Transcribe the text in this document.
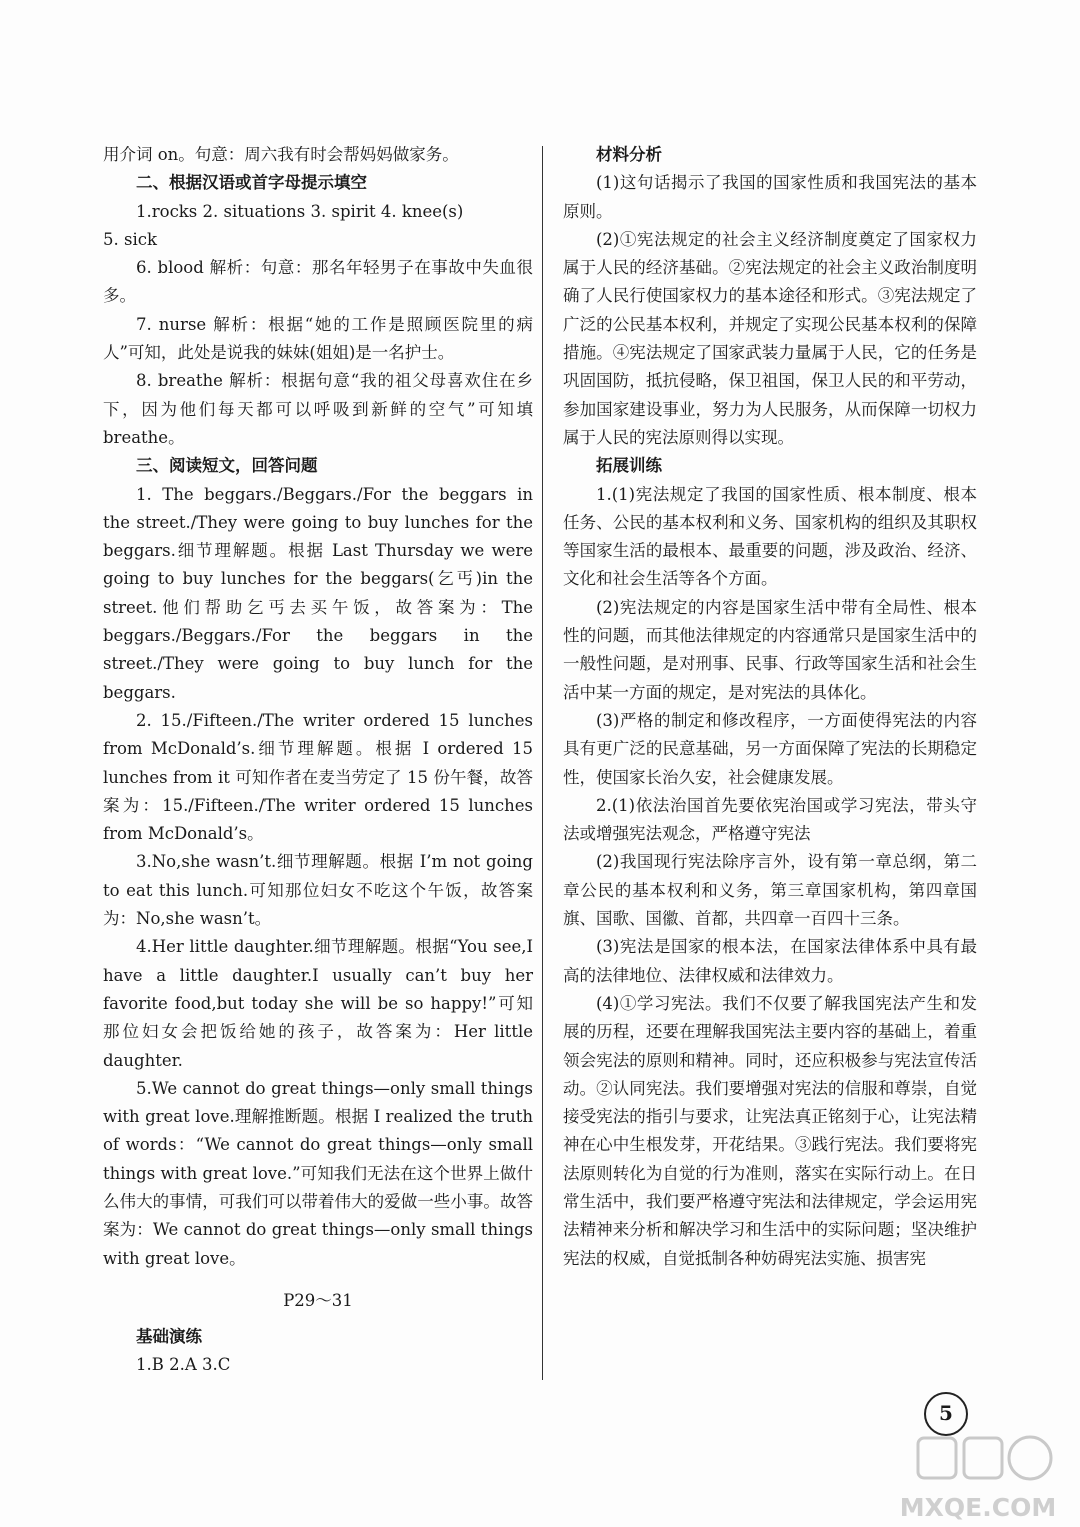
用介词 on。句意：周六我有时会帮妈妈做家务。

二、根据汉语或首字母提示填空

1.rocks 2. situations 3. spirit 4. knee(s)

5. sick

6. blood 解析：句意：那名年轻男子在事故中失血很多。

7. nurse 解析：根据“她的工作是照顾医院里的病人”可知，此处是说我的妹妹(姐姐)是一名护士。

8. breathe 解析：根据句意“我的祖父母喜欢住在乡下，因为他们每天都可以呼吸到新鲜的空气”可知填 breathe。

三、阅读短文，回答问题

1. The beggars./Beggars./For the beggars in the street./They were going to buy lunches for the beggars.细节理解题。根据 Last Thursday we were going to buy lunches for the beggars(乞丐)in the street.他们帮助乞丐去买午饭，故答案为：The beggars./Beggars./For the beggars in the street./They were going to buy lunch for the beggars.

2. 15./Fifteen./The writer ordered 15 lunches from McDonald’s.细节理解题。根据 I ordered 15 lunches from it 可知作者在麦当劳定了 15 份午餐，故答案为：15./Fifteen./The writer ordered 15 lunches from McDonald’s。

3.No,she wasn’t.细节理解题。根据 I’m not going to eat this lunch.可知那位妇女不吃这个午饭，故答案为：No,she wasn’t。

4.Her little daughter.细节理解题。根据“You see,I have a little daughter.I usually can’t buy her favorite food,but today she will be so happy!”可知那位妇女会把饭给她的孩子，故答案为：Her little daughter.

5.We cannot do great things—only small things with great love.理解推断题。根据 I realized the truth of words：“We cannot do great things—only small things with great love.”可知我们无法在这个世界上做什么伟大的事情，可我们可以带着伟大的爱做一些小事。故答案为：We cannot do great things—only small things with great love。

P29～31

基础演练

1.B 2.A 3.C

材料分析

(1)这句话揭示了我国的国家性质和我国宪法的基本原则。

(2)①宪法规定的社会主义经济制度奠定了国家权力属于人民的经济基础。②宪法规定的社会主义政治制度明确了人民行使国家权力的基本途径和形式。③宪法规定了广泛的公民基本权利，并规定了实现公民基本权利的保障措施。④宪法规定了国家武装力量属于人民，它的任务是巩固国防，抵抗侵略，保卫祖国，保卫人民的和平劳动，参加国家建设事业，努力为人民服务，从而保障一切权力属于人民的宪法原则得以实现。

拓展训练

1.(1)宪法规定了我国的国家性质、根本制度、根本任务、公民的基本权利和义务、国家机构的组织及其职权等国家生活的最根本、最重要的问题，涉及政治、经济、文化和社会生活等各个方面。

(2)宪法规定的内容是国家生活中带有全局性、根本性的问题，而其他法律规定的内容通常只是国家生活中的一般性问题，是对刑事、民事、行政等国家生活和社会生活中某一方面的规定，是对宪法的具体化。

(3)严格的制定和修改程序，一方面使得宪法的内容具有更广泛的民意基础，另一方面保障了宪法的长期稳定性，使国家长治久安，社会健康发展。

2.(1)依法治国首先要依宪治国或学习宪法，带头守法或增强宪法观念，严格遵守宪法

(2)我国现行宪法除序言外，设有第一章总纲，第二章公民的基本权利和义务，第三章国家机构，第四章国旗、国歌、国徽、首都，共四章一百四十三条。

(3)宪法是国家的根本法，在国家法律体系中具有最高的法律地位、法律权威和法律效力。

(4)①学习宪法。我们不仅要了解我国宪法产生和发展的历程，还要在理解我国宪法主要内容的基础上，着重领会宪法的原则和精神。同时，还应积极参与宪法宣传活动。②认同宪法。我们要增强对宪法的信服和尊崇，自觉接受宪法的指引与要求，让宪法真正铭刻于心，让宪法精神在心中生根发芽，开花结果。③践行宪法。我们要将宪法原则转化为自觉的行为准则，落实在实际行动上。在日常生活中，我们要严格遵守宪法和法律规定，学会运用宪法精神来分析和解决学习和生活中的实际问题；坚决维护宪法的权威，自觉抵制各种妨碍宪法实施、损害宪

5
MXQE.COM
